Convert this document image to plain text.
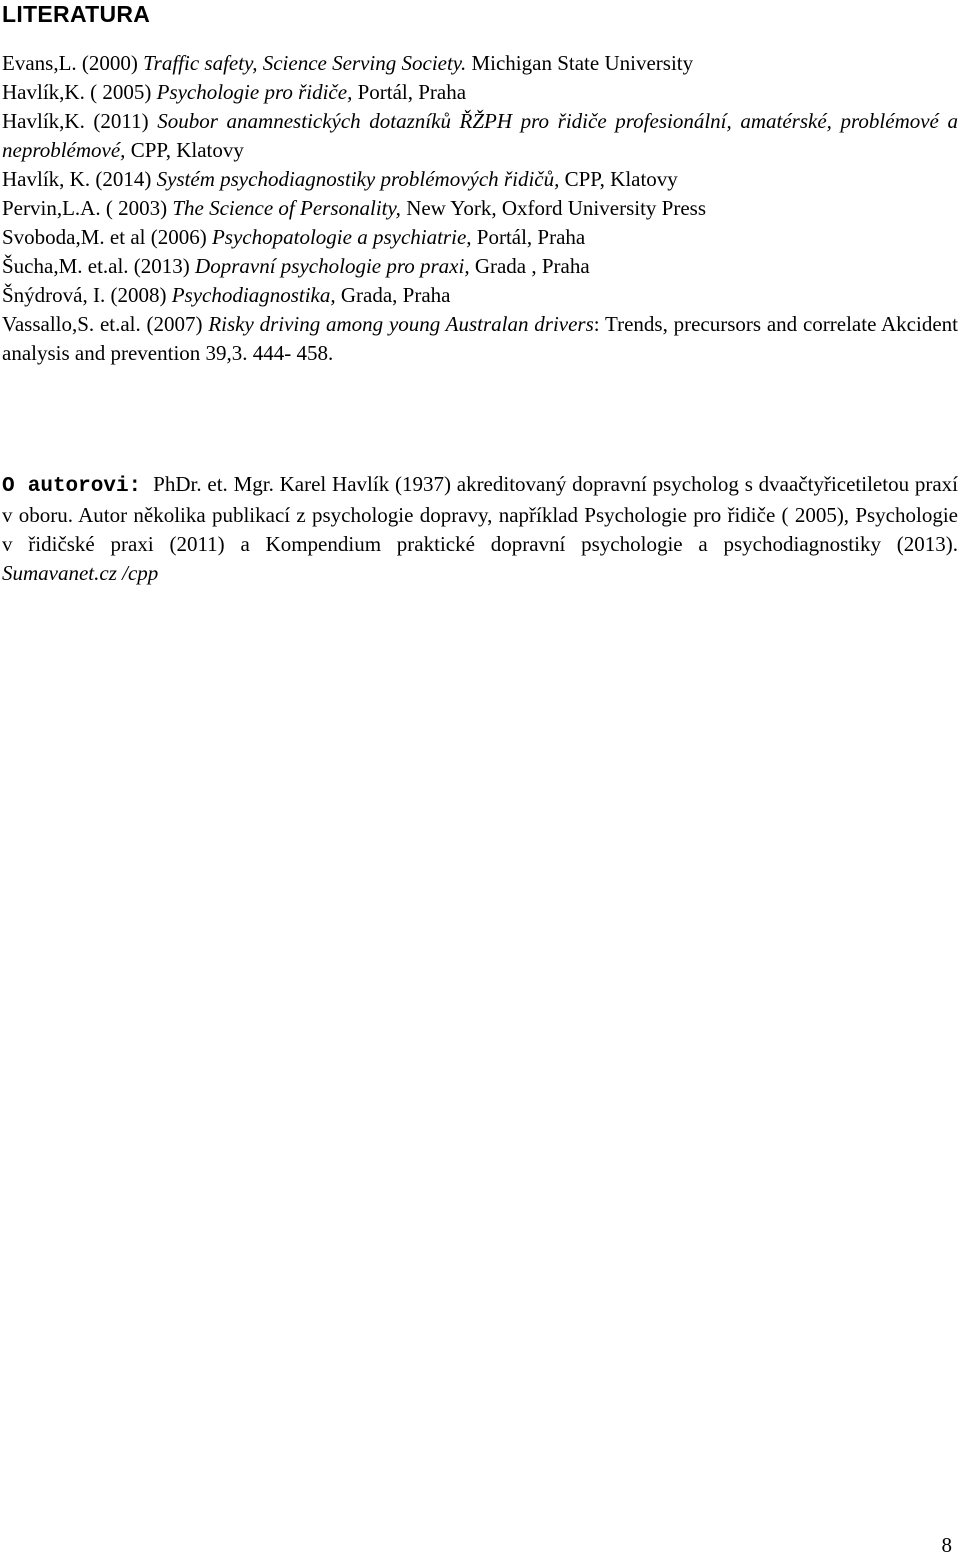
LITERATURA
Evans,L. (2000) Traffic safety, Science Serving Society. Michigan State University
Havlík,K. ( 2005) Psychologie pro řidiče, Portál, Praha
Havlík,K. (2011) Soubor anamnestických dotazníků ŘŽPH pro řidiče profesionální, amatérské, problémové a neproblémové, CPP, Klatovy
Havlík, K. (2014) Systém psychodiagnostiky problémových řidičů, CPP, Klatovy
Pervin,L.A. ( 2003) The Science of Personality, New York, Oxford University Press
Svoboda,M. et al (2006) Psychopatologie a psychiatrie, Portál, Praha
Šucha,M. et.al. (2013) Dopravní psychologie pro praxi, Grada , Praha
Šnýdrová, I. (2008) Psychodiagnostika, Grada, Praha
Vassallo,S. et.al. (2007) Risky driving among young Australan drivers: Trends, precursors and correlate Akcident analysis and prevention 39,3. 444- 458.

O autorovi: PhDr. et. Mgr. Karel Havlík (1937) akreditovaný dopravní psycholog s dvaačtyřicetiletou praxí v oboru. Autor několika publikací z psychologie dopravy, například Psychologie pro řidiče ( 2005), Psychologie v řidičské praxi (2011) a Kompendium praktické dopravní psychologie a psychodiagnostiky (2013). Sumavanet.cz /cpp

8
